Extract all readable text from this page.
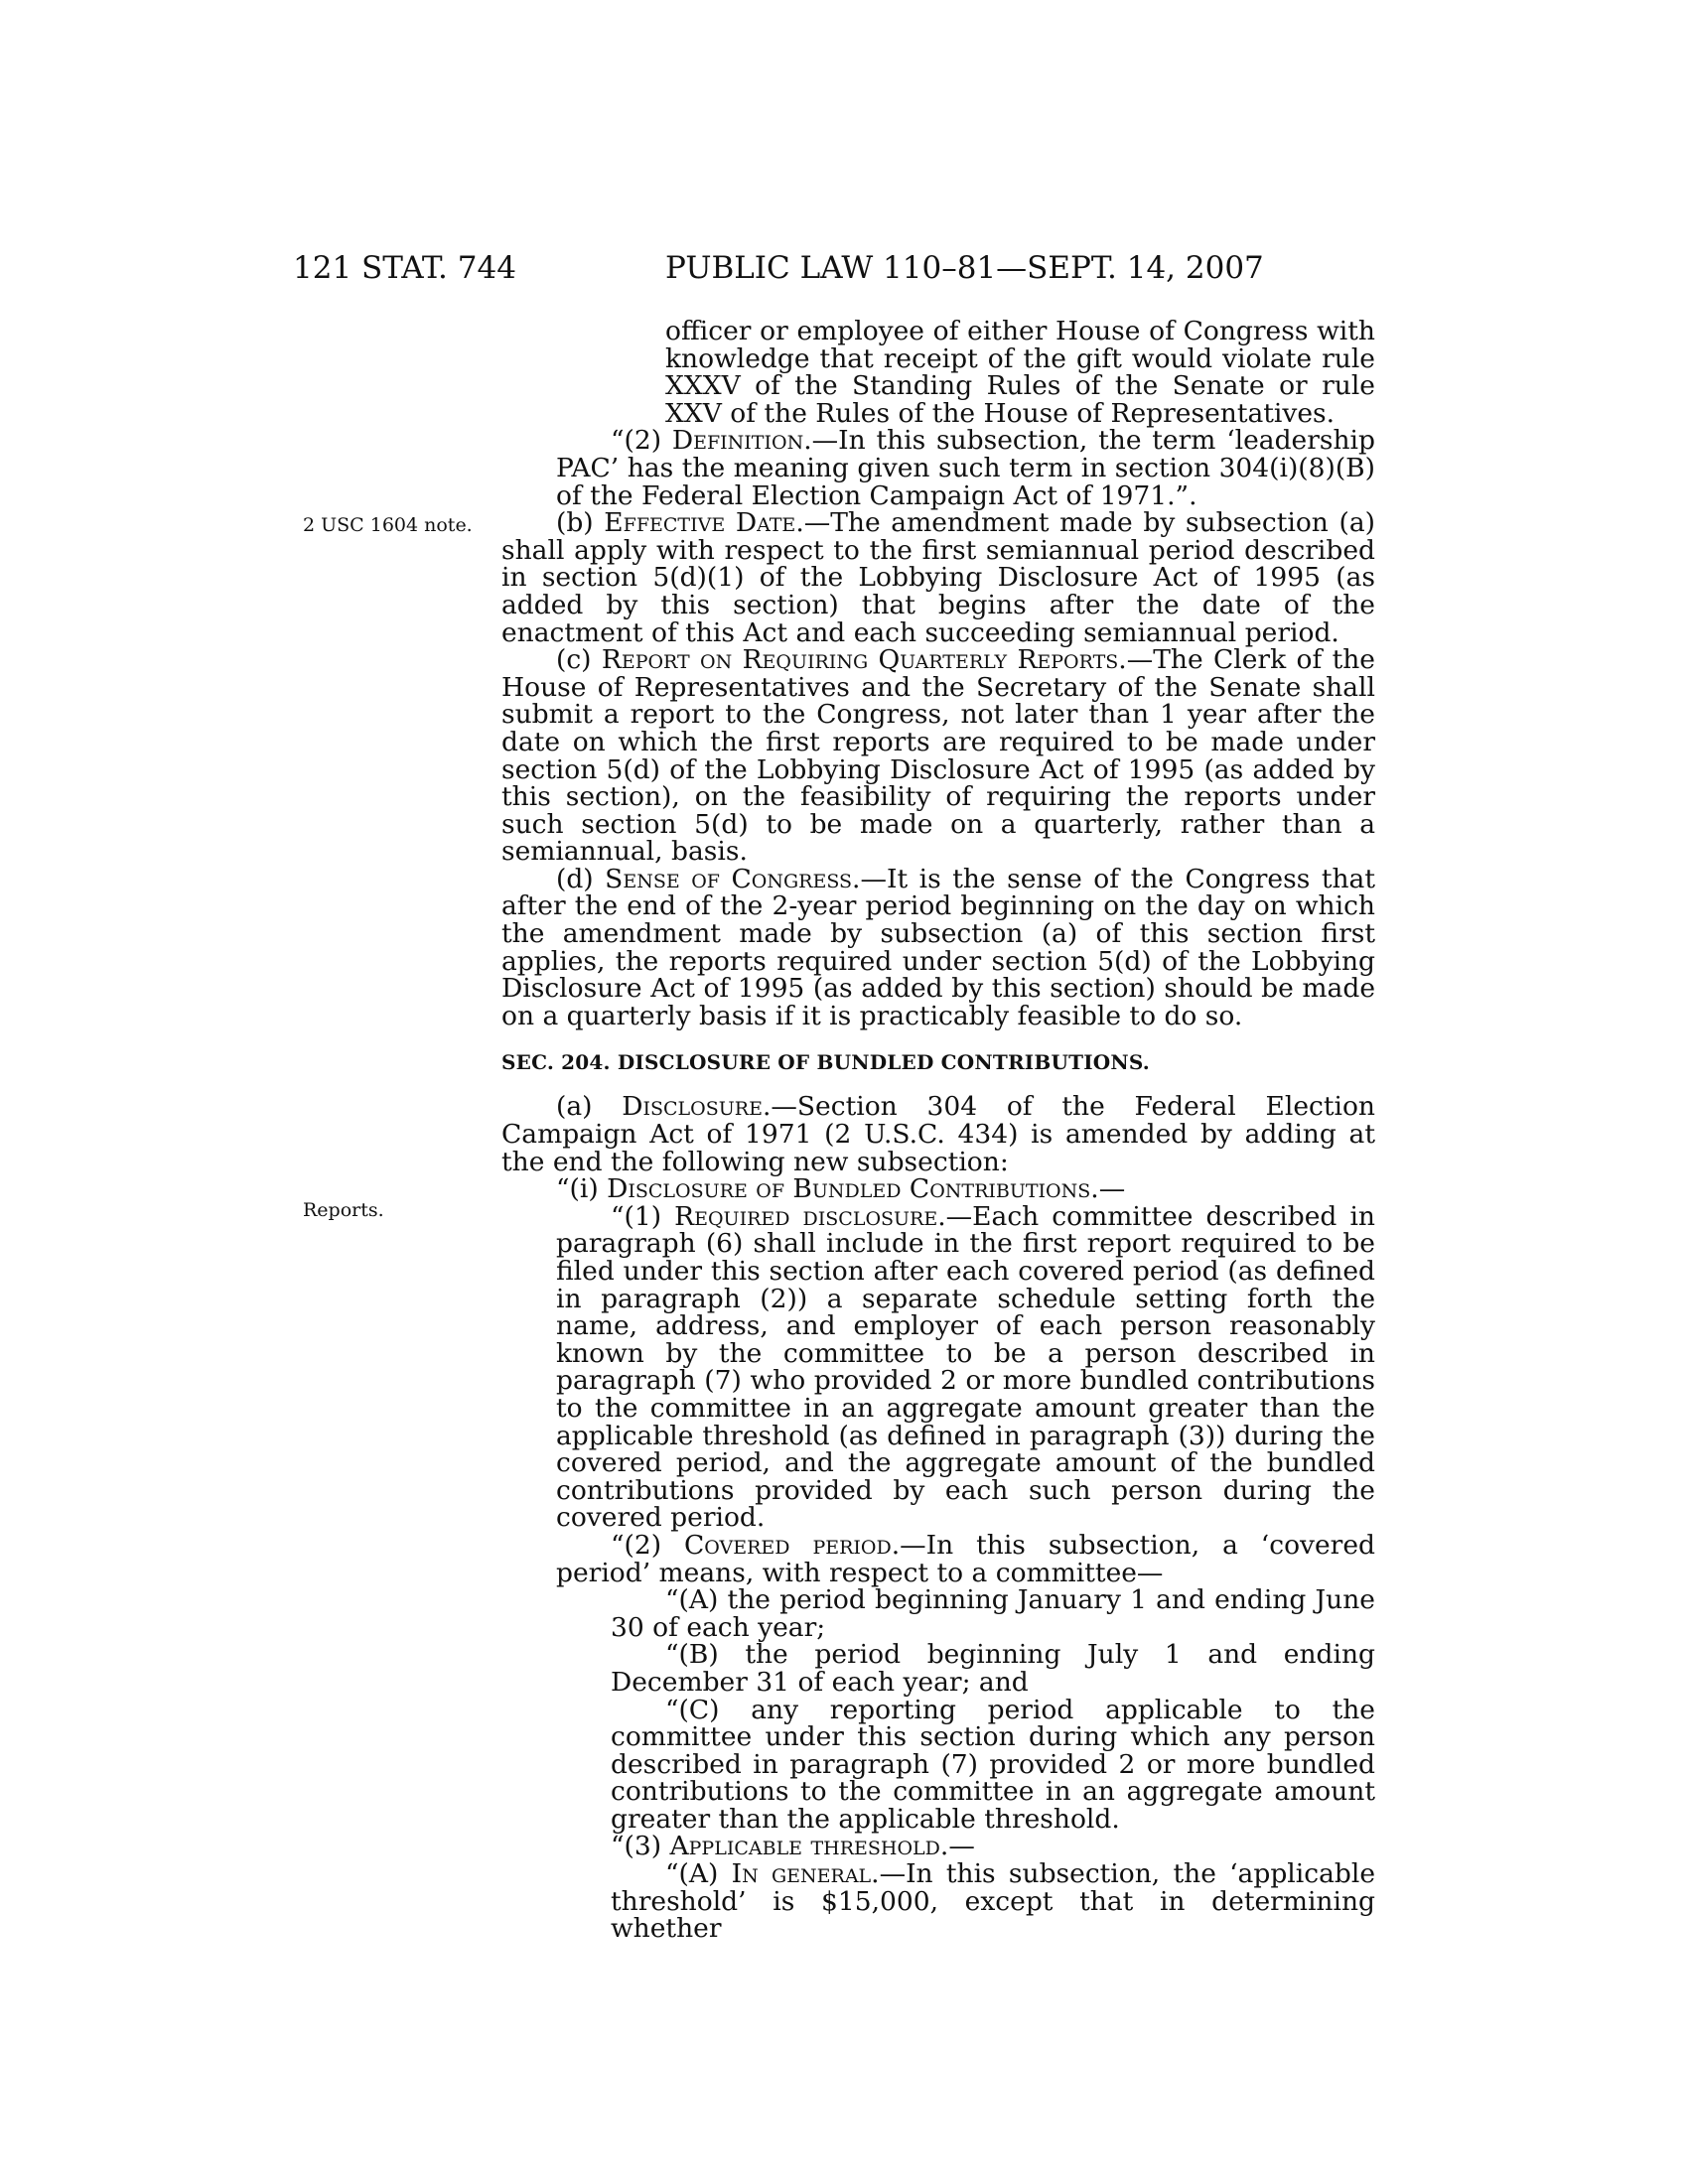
121 STAT. 744	PUBLIC LAW 110–81—SEPT. 14, 2007
2 USC 1604 note.
Reports.

officer or employee of either House of Congress with knowledge that receipt of the gift would violate rule XXXV of the Standing Rules of the Senate or rule XXV of the Rules of the House of Representatives.

“(2) Definition.—In this subsection, the term ‘leadership PAC’ has the meaning given such term in section 304(i)(8)(B) of the Federal Election Campaign Act of 1971.”.

(b) Effective Date.—The amendment made by subsection (a) shall apply with respect to the first semiannual period described in section 5(d)(1) of the Lobbying Disclosure Act of 1995 (as added by this section) that begins after the date of the enactment of this Act and each succeeding semiannual period.

(c) Report on Requiring Quarterly Reports.—The Clerk of the House of Representatives and the Secretary of the Senate shall submit a report to the Congress, not later than 1 year after the date on which the first reports are required to be made under section 5(d) of the Lobbying Disclosure Act of 1995 (as added by this section), on the feasibility of requiring the reports under such section 5(d) to be made on a quarterly, rather than a semiannual, basis.

(d) Sense of Congress.—It is the sense of the Congress that after the end of the 2-year period beginning on the day on which the amendment made by subsection (a) of this section first applies, the reports required under section 5(d) of the Lobbying Disclosure Act of 1995 (as added by this section) should be made on a quarterly basis if it is practicably feasible to do so.

SEC. 204. DISCLOSURE OF BUNDLED CONTRIBUTIONS.

(a) Disclosure.—Section 304 of the Federal Election Campaign Act of 1971 (2 U.S.C. 434) is amended by adding at the end the following new subsection:

“(i) Disclosure of Bundled Contributions.—

“(1) Required disclosure.—Each committee described in paragraph (6) shall include in the first report required to be filed under this section after each covered period (as defined in paragraph (2)) a separate schedule setting forth the name, address, and employer of each person reasonably known by the committee to be a person described in paragraph (7) who provided 2 or more bundled contributions to the committee in an aggregate amount greater than the applicable threshold (as defined in paragraph (3)) during the covered period, and the aggregate amount of the bundled contributions provided by each such person during the covered period.

“(2) Covered period.—In this subsection, a ‘covered period’ means, with respect to a committee—

“(A) the period beginning January 1 and ending June 30 of each year;

“(B) the period beginning July 1 and ending December 31 of each year; and

“(C) any reporting period applicable to the committee under this section during which any person described in paragraph (7) provided 2 or more bundled contributions to the committee in an aggregate amount greater than the applicable threshold.

“(3) Applicable threshold.—

“(A) In general.—In this subsection, the ‘applicable threshold’ is $15,000, except that in determining whether
